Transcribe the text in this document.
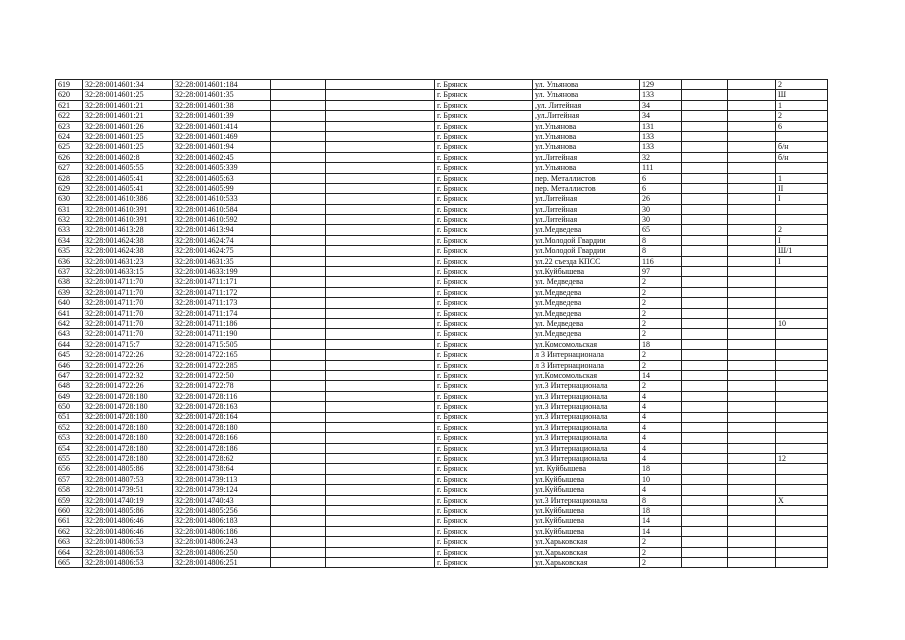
619	32:28:0014601:34	32:28:0014601:184			г. Брянск	ул. Ульянова	129			2
620	32:28:0014601:25	32:28:0014601:35			г. Брянск	ул. Ульянова	133			Ш
621	32:28:0014601:21	32:28:0014601:38			г. Брянск	,ул. Литейная	34			1
622	32:28:0014601:21	32:28:0014601:39			г. Брянск	,ул.Литейная	34			2
623	32:28:0014601:26	32:28:0014601:414			г. Брянск	ул.Ульянова	131			6
624	32:28:0014601:25	32:28:0014601:469			г. Брянск	ул.Ульянова	133			
625	32:28:0014601:25	32:28:0014601:94			г. Брянск	ул.Ульянова	133			б/н
626	32:28:0014602:8	32:28:0014602:45			г. Брянск	ул.Литейная	32			б/н
627	32:28:0014605:55	32:28:0014605:339			г. Брянск	ул.Ульянова	111			
628	32:28:0014605:41	32:28:0014605:63			г. Брянск	пер. Металлистов	6			1
629	32:28:0014605:41	32:28:0014605:99			г. Брянск	пер. Металлистов	6			II
630	32:28:0014610:386	32:28:0014610:533			г. Брянск	ул.Литейная	26			I
631	32:28:0014610:391	32:28:0014610:584			г. Брянск	ул.Литейная	30			
632	32:28:0014610:391	32:28:0014610:592			г. Брянск	ул.Литейная	30			
633	32:28:0014613:28	32:28:0014613:94			г. Брянск	ул.Медведева	65			2
634	32:28:0014624:38	32:28:0014624:74			г. Брянск	ул.Молодой Гвардии	8			I
635	32:28:0014624:38	32:28:0014624:75			г. Брянск	ул.Молодой Гвардии	8			Ш/1
636	32:28:0014631:23	32:28:0014631:35			г. Брянск	ул.22 съезда КПСС	116			I
637	32:28:0014633:15	32:28:0014633:199			г. Брянск	ул.Куйбышева	97			
638	32:28:0014711:70	32:28:0014711:171			г. Брянск	ул. Медведева	2			
639	32:28:0014711:70	32:28:0014711:172			г. Брянск	ул.Медведева	2			
640	32:28:0014711:70	32:28:0014711:173			г. Брянск	ул.Медведева	2			
641	32:28:0014711:70	32:28:0014711:174			г. Брянск	ул.Медведева	2			
642	32:28:0014711:70	32:28:0014711:186			г. Брянск	ул. Медведева	2			10
643	32:28:0014711:70	32:28:0014711:190			г. Брянск	ул.Медведева	2			
644	32:28:0014715:7	32:28:0014715:505			г. Брянск	ул.Комсомольская	18			
645	32:28:0014722:26	32:28:0014722:165			г. Брянск	л 3 Интернационала	2			
646	32:28:0014722:26	32:28:0014722:285			г. Брянск	л 3 Интернационала	2			
647	32:28:0014722:32	32:28:0014722:50			г. Брянск	ул.Комсомольская	14			
648	32:28:0014722:26	32:28:0014722:78			г. Брянск	ул.3 Интернационала	2			
649	32:28:0014728:180	32:28:0014728:116			г. Брянск	ул.3 Интернационала	4			
650	32:28:0014728:180	32:28:0014728:163			г. Брянск	ул.3 Интернационала	4			
651	32:28:0014728:180	32:28:0014728:164			г. Брянск	ул.3 Интернационала	4			
652	32:28:0014728:180	32:28:0014728:180			г. Брянск	ул.3 Интернационала	4			
653	32:28:0014728:180	32:28:0014728:166			г. Брянск	ул.3 Интернационала	4			
654	32:28:0014728:180	32:28:0014728:186			г. Брянск	ул.3 Интернационала	4			
655	32:28:0014728:180	32:28:0014728:62			г. Брянск	ул.3 Интернационала	4			12
656	32:28:0014805:86	32:28:0014738:64			г. Брянск	ул. Куйбышева	18			
657	32:28:0014807:53	32:28:0014739:113			г. Брянск	ул.Куйбышева	10			
658	32:28:0014739:51	32:28:0014739:124			г. Брянск	ул.Куйбышева	4			
659	32:28:0014740:19	32:28:0014740:43			г. Брянск	ул.3 Интернационала	8			X
660	32:28:0014805:86	32:28:0014805:256			г. Брянск	ул.Куйбышева	18			
661	32:28:0014806:46	32:28:0014806:183			г. Брянск	ул.Куйбышева	14			
662	32:28:0014806:46	32:28:0014806:186			г. Брянск	ул.Куйбышева	14			
663	32:28:0014806:53	32:28:0014806:243			г. Брянск	ул.Харьковская	2			
664	32:28:0014806:53	32:28:0014806:250			г. Брянск	ул.Харьковская	2			
665	32:28:0014806:53	32:28:0014806:251			г. Брянск	ул.Харьковская	2			
